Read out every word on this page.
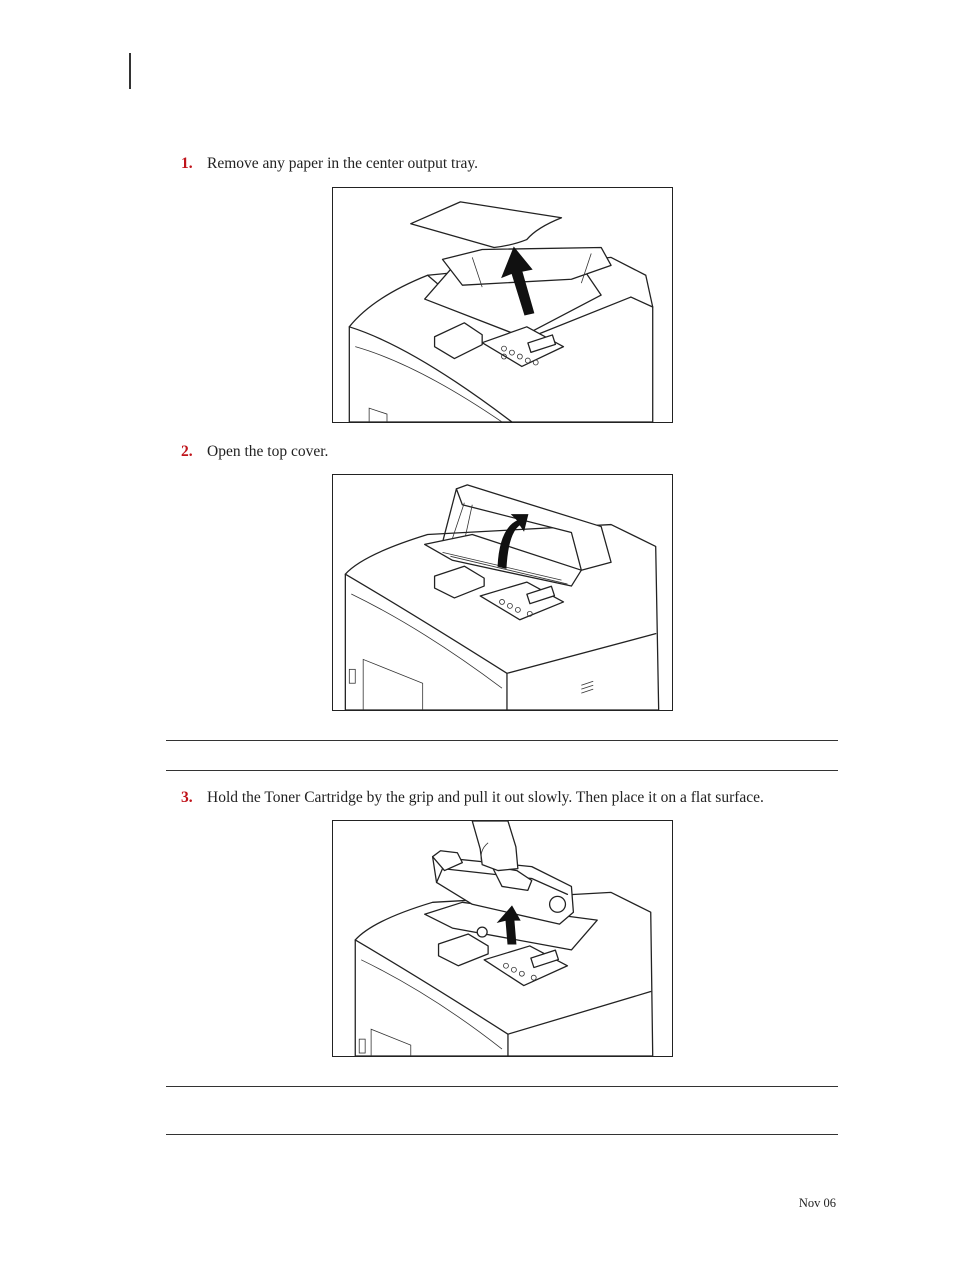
1. Remove any paper in the center output tray.
2. Open the top cover.
3. Hold the Toner Cartridge by the grip and pull it out slowly. Then place it on a flat surface.
Nov 06
